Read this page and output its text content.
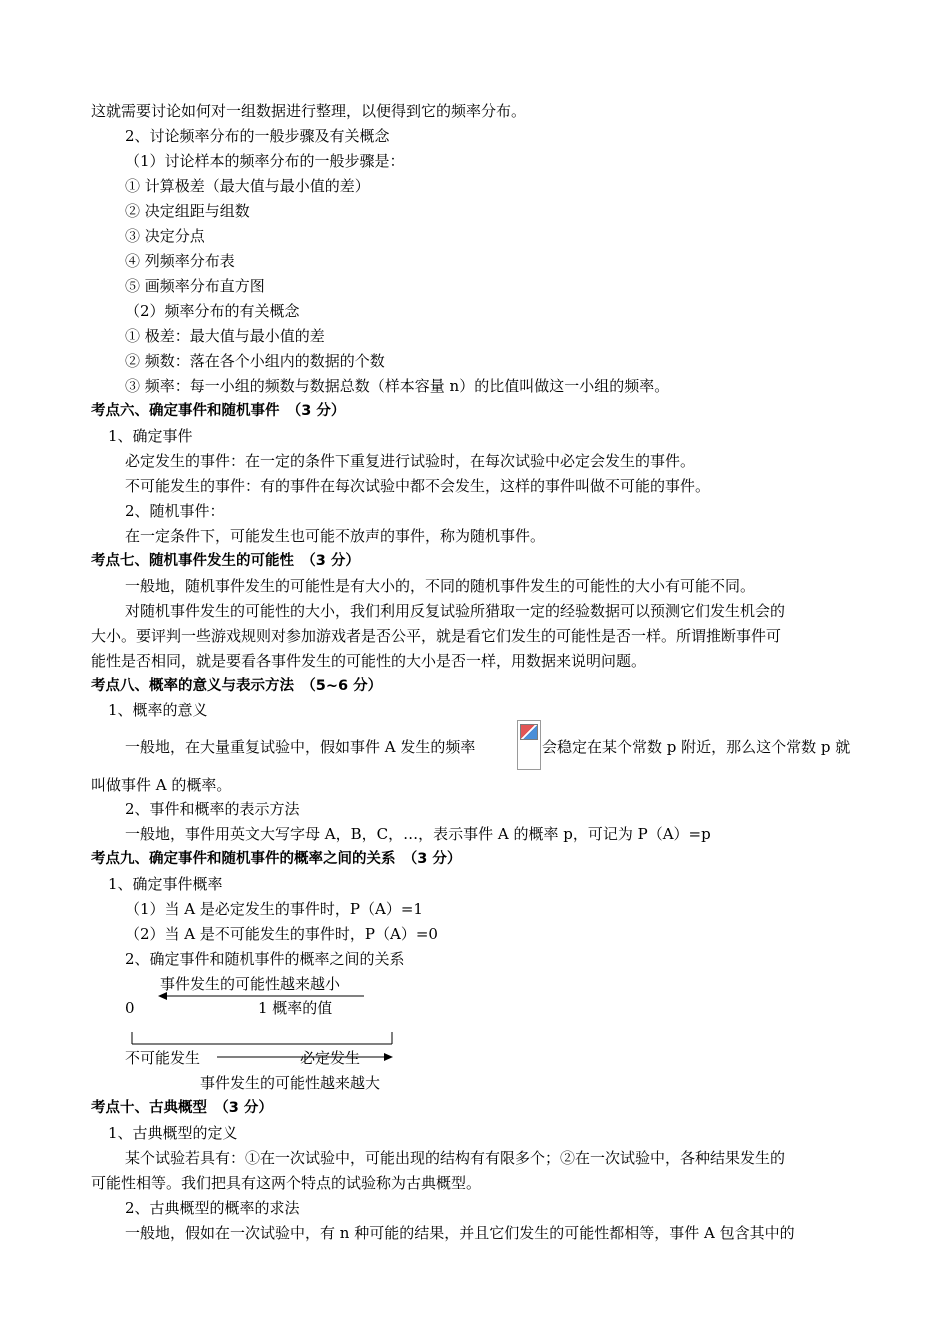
这就需要讨论如何对一组数据进行整理，以便得到它的频率分布。
2、讨论频率分布的一般步骤及有关概念
（1）讨论样本的频率分布的一般步骤是：
① 计算极差（最大值与最小值的差）
② 决定组距与组数
③ 决定分点
④ 列频率分布表
⑤ 画频率分布直方图
（2）频率分布的有关概念
① 极差：最大值与最小值的差
② 频数：落在各个小组内的数据的个数
③ 频率：每一小组的频数与数据总数（样本容量 n）的比值叫做这一小组的频率。
考点六、确定事件和随机事件　（3 分）
1、确定事件
必定发生的事件：在一定的条件下重复进行试验时，在每次试验中必定会发生的事件。
不可能发生的事件：有的事件在每次试验中都不会发生，这样的事件叫做不可能的事件。
2、随机事件：
在一定条件下，可能发生也可能不放声的事件，称为随机事件。
考点七、随机事件发生的可能性　（3 分）
一般地，随机事件发生的可能性是有大小的，不同的随机事件发生的可能性的大小有可能不同。
对随机事件发生的可能性的大小，我们利用反复试验所猎取一定的经验数据可以预测它们发生机会的
大小。要评判一些游戏规则对参加游戏者是否公平，就是看它们发生的可能性是否一样。所谓推断事件可
能性是否相同，就是要看各事件发生的可能性的大小是否一样，用数据来说明问题。
考点八、概率的意义与表示方法　（5~6 分）
1、概率的意义
一般地，在大量重复试验中，假如事件 A 发生的频率	会稳定在某个常数 p 附近，那么这个常数 p 就
叫做事件 A 的概率。
2、事件和概率的表示方法
一般地，事件用英文大写字母 A，B，C，…，表示事件 A 的概率 p，可记为 P（A）=p
考点九、确定事件和随机事件的概率之间的关系　（3 分）
1、确定事件概率
（1）当 A 是必定发生的事件时，P（A）=1
（2）当 A 是不可能发生的事件时，P（A）=0
2、确定事件和随机事件的概率之间的关系
事件发生的可能性越来越小
0	1 概率的值
不可能发生	必定发生
事件发生的可能性越来越大
考点十、古典概型　（3 分）
1、古典概型的定义
某个试验若具有：①在一次试验中，可能出现的结构有有限多个；②在一次试验中，各种结果发生的
可能性相等。我们把具有这两个特点的试验称为古典概型。
2、古典概型的概率的求法
一般地，假如在一次试验中，有 n 种可能的结果，并且它们发生的可能性都相等，事件 A 包含其中的
